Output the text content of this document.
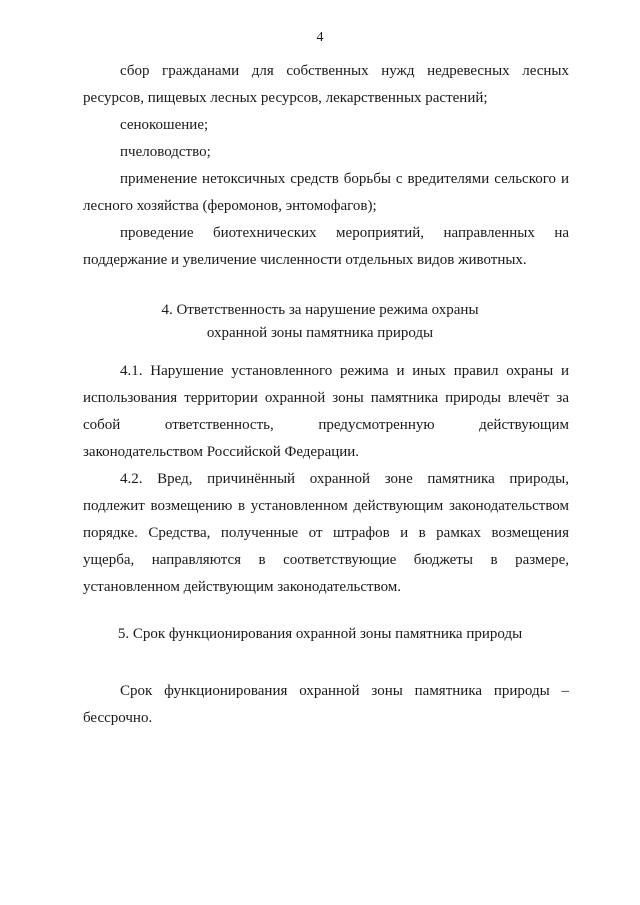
4

сбор гражданами для собственных нужд недревесных лесных ресурсов, пищевых лесных ресурсов, лекарственных растений;

сенокошение;

пчеловодство;

применение нетоксичных средств борьбы с вредителями сельского и лесного хозяйства (феромонов, энтомофагов);

проведение биотехнических мероприятий, направленных на поддержание и увеличение численности отдельных видов животных.

4. Ответственность за нарушение режима охраны
охранной зоны памятника природы

4.1. Нарушение установленного режима и иных правил охраны и использования территории охранной зоны памятника природы влечёт за собой ответственность, предусмотренную действующим законодательством Российской Федерации.

4.2. Вред, причинённый охранной зоне памятника природы, подлежит возмещению в установленном действующим законодательством порядке. Средства, полученные от штрафов и в рамках возмещения ущерба, направляются в соответствующие бюджеты в размере, установленном действующим законодательством.

5. Срок функционирования охранной зоны памятника природы

Срок функционирования охранной зоны памятника природы – бессрочно.
